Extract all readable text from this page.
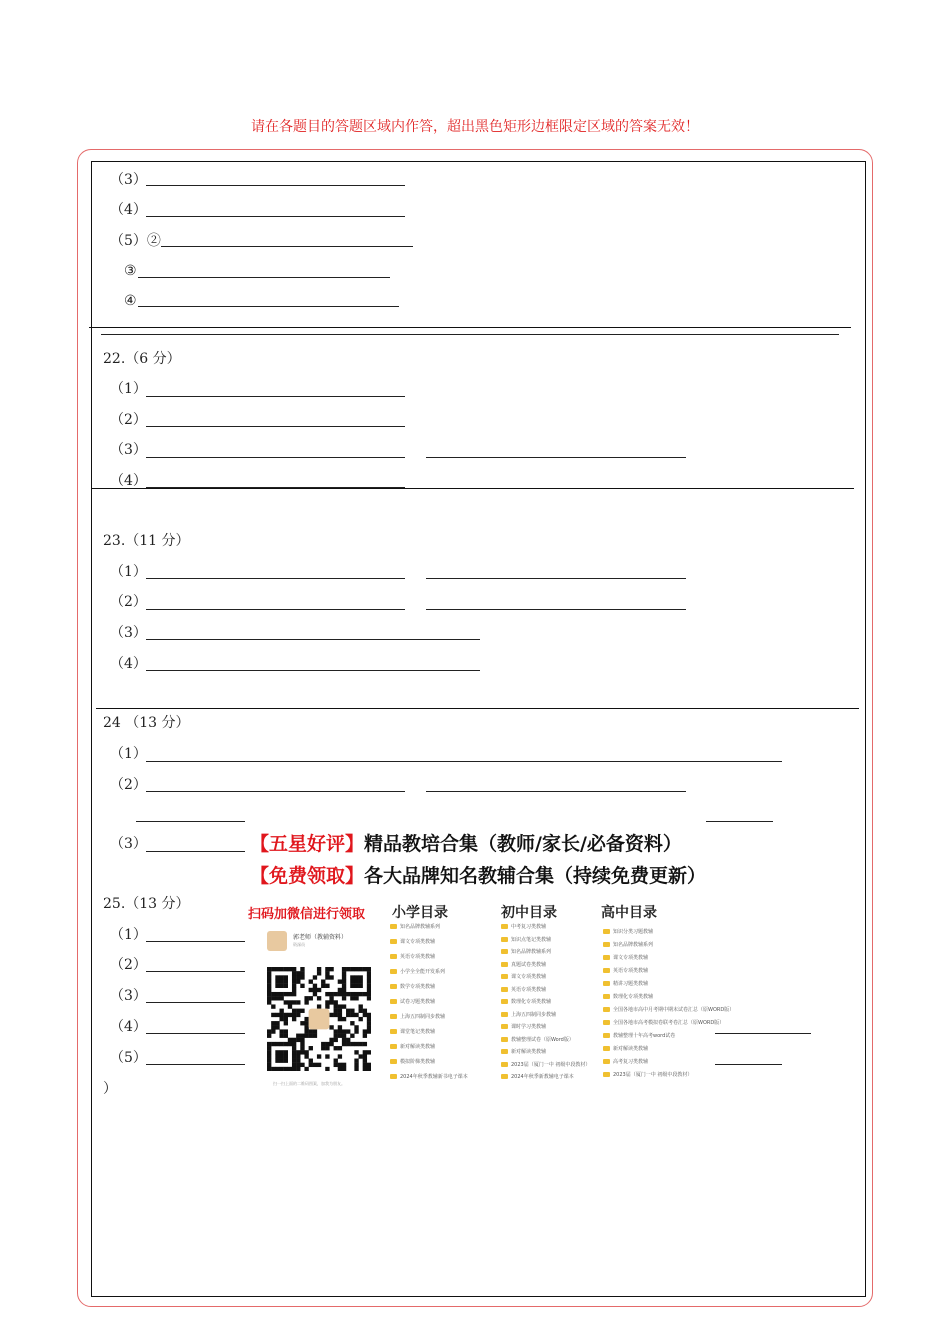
请在各题目的答题区域内作答，超出黑色矩形边框限定区域的答案无效！
（3）
（4）
（5）②
③
④
22.（6 分）
（1）
（2）
（3）
（4）
23.（11 分）
（1）
（2）
（3）
（4）
24 （13 分）
（1）
（2）
（3）
25.（13 分）
（1）
（2）
（3）
（4）
（5）
）
【五星好评】精品教培合集（教师/家长/必备资料）
【免费领取】各大品牌知名教辅合集（持续免费更新）
扫码加微信进行领取 小学目录	初中目录	高中目录
郭老师（教辅资料）
资深员
扫一扫上面的二维码图案，加我为朋友。
知名品牌教辅系列
课文专项类教辅
英语专项类教辅
小学全全能开发系列
数学专项类教辅
试卷习题类教辅
上海五四制同步教辅
课堂笔记类教辅
新对解读类教辅
模拟阶梯类教辅
2024年秋季教辅新书电子课本
中考复习类教辅
知识点笔记类教辅
知名品牌教辅系列
真题试卷类教辅
课文专项类教辅
英语专项类教辅
数理化专项类教辅
上海五四制同步教辅
课时学习类教辅
教辅整理试卷（原Word版）
新对解读类教辅
2023届（厦门一中 初级中段教材）
2024年秋季新教辅电子课本
知识分类习题教辅
知名品牌教辅系列
课文专项类教辅
英语专项类教辅
精讲习题类教辅
数理化专项类教辅
全国各地市高中月考期中期末试卷汇总（原WORD版）
全国各地市高考模拟卷联考卷汇总（原WORD版）
教辅整理十年高考word试卷
新对解读类教辅
高考复习类教辅
2023届（厦门一中 初级中段教材）
